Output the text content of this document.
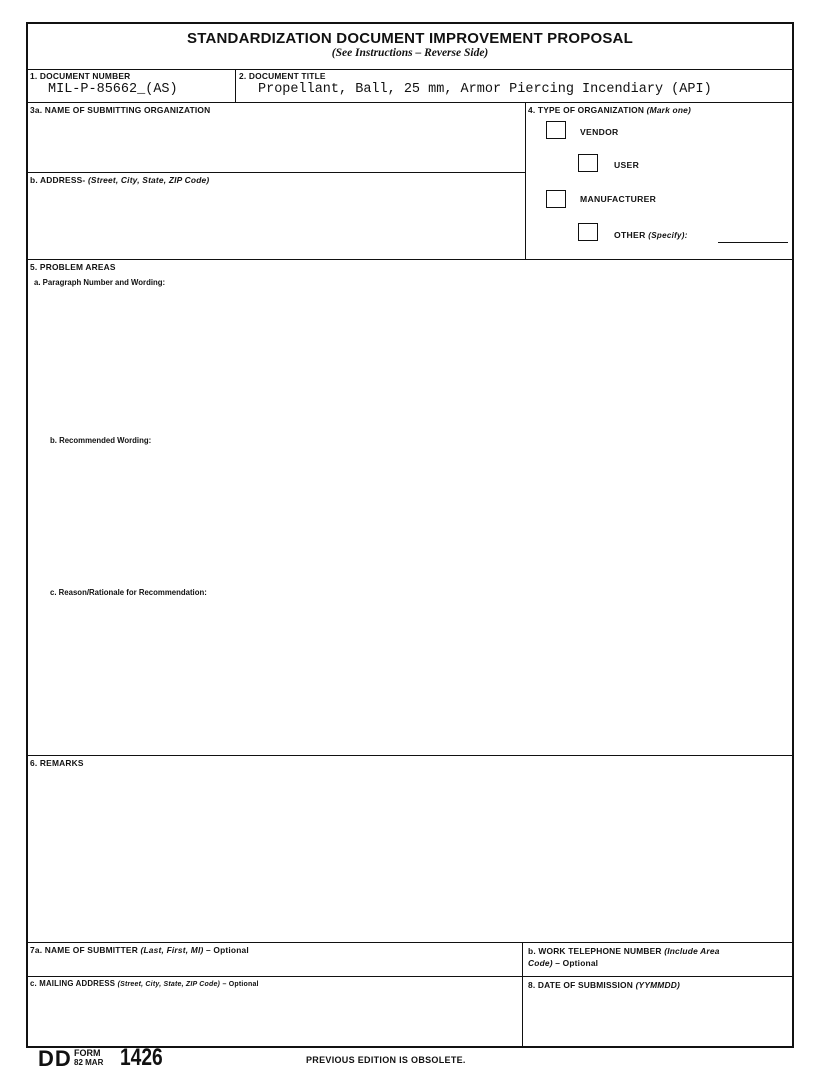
STANDARDIZATION DOCUMENT IMPROVEMENT PROPOSAL
(See Instructions – Reverse Side)
1. DOCUMENT NUMBER
MIL-P-85662_(AS)
2. DOCUMENT TITLE
Propellant, Ball, 25 mm, Armor Piercing Incendiary (API)
3a. NAME OF SUBMITTING ORGANIZATION
b. ADDRESS- (Street, City, State, ZIP Code)
4. TYPE OF ORGANIZATION (Mark one)
VENDOR
USER
MANUFACTURER
OTHER (Specify):
5. PROBLEM AREAS
a. Paragraph Number and Wording:
b. Recommended Wording:
c. Reason/Rationale for Recommendation:
6. REMARKS
7a. NAME OF SUBMITTER (Last, First, MI) – Optional	b. WORK TELEPHONE NUMBER (Include Area
Code) – Optional
c. MAILING ADDRESS (Street, City, State, ZIP Code) – Optional	8. DATE OF SUBMISSION (YYMMDD)
DD FORM
82 MAR 1426	PREVIOUS EDITION IS OBSOLETE.
